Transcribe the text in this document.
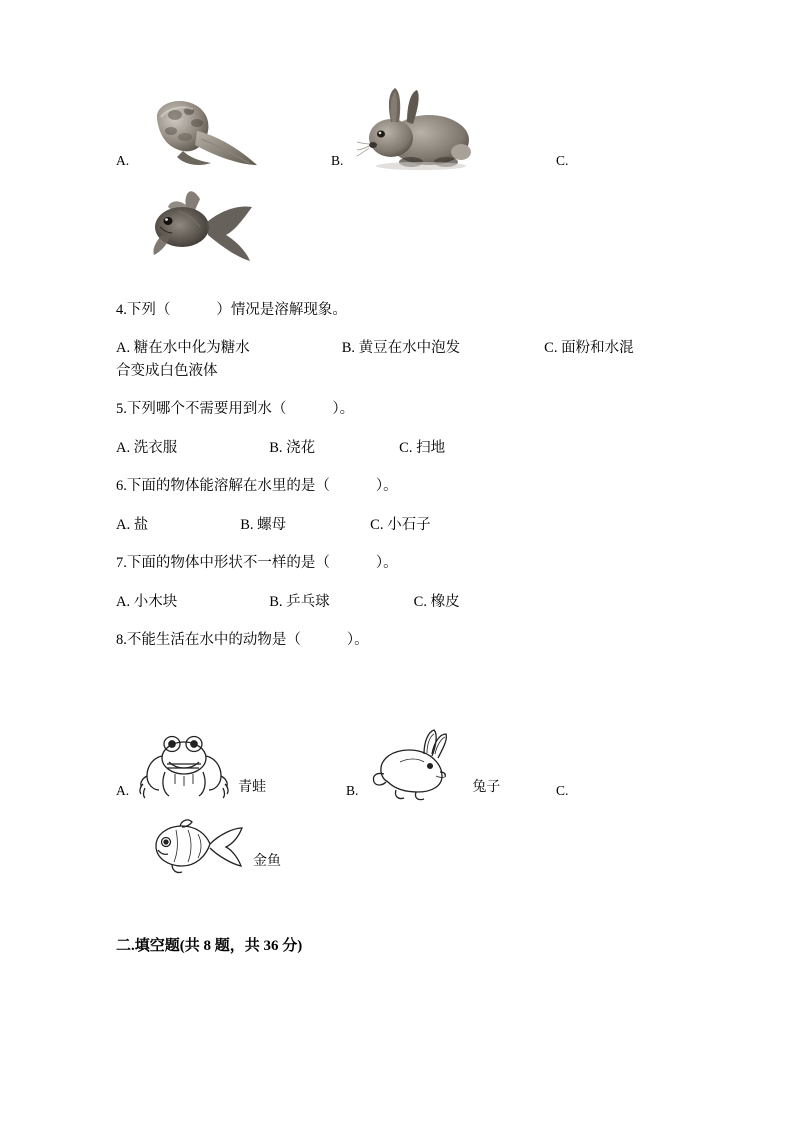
A.	B.	C.

4.下列（	）情况是溶解现象。

A. 糖在水中化为糖水	B. 黄豆在水中泡发	C. 面粉和水混
合变成白色液体

5.下列哪个不需要用到水（	）。

A. 洗衣服	B. 浇花	C. 扫地

6.下面的物体能溶解在水里的是（	）。

A. 盐	B. 螺母	C. 小石子

7.下面的物体中形状不一样的是（	）。

A. 小木块	B. 乒乓球	C. 橡皮

8.不能生活在水中的动物是（	）。

A.	青蛙	B.	兔子	C.
金鱼

二.填空题(共 8 题，共 36 分)
